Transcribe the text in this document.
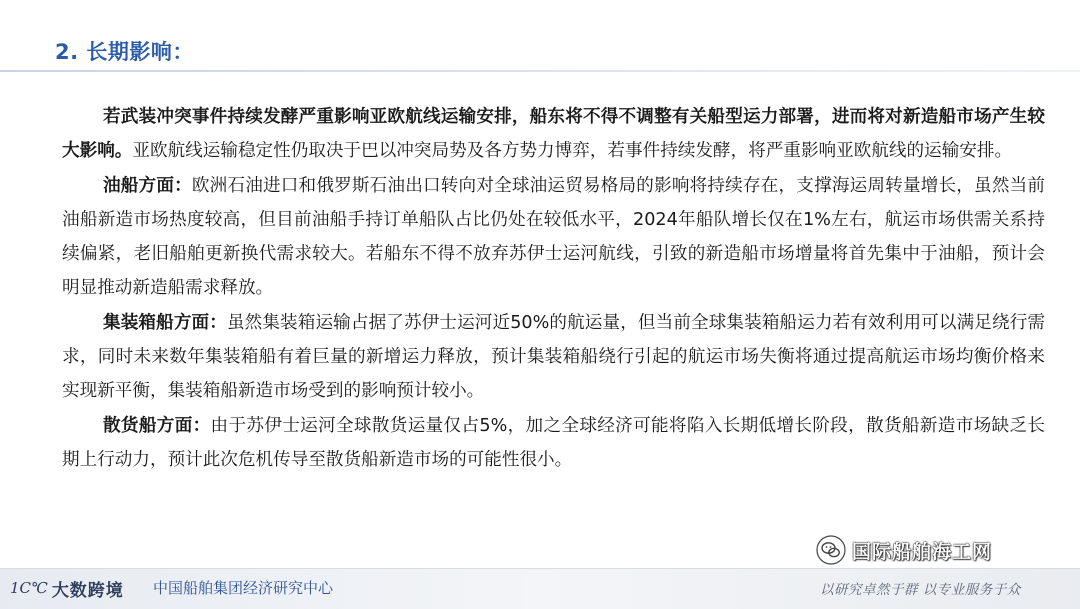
2. 长期影响：

若武装冲突事件持续发酵严重影响亚欧航线运输安排，船东将不得不调整有关船型运力部署，进而将对新造船市场产生较大影响。亚欧航线运输稳定性仍取决于巴以冲突局势及各方势力博弈，若事件持续发酵，将严重影响亚欧航线的运输安排。

油船方面：欧洲石油进口和俄罗斯石油出口转向对全球油运贸易格局的影响将持续存在，支撑海运周转量增长，虽然当前油船新造市场热度较高，但目前油船手持订单船队占比仍处在较低水平，2024年船队增长仅在1%左右，航运市场供需关系持续偏紧，老旧船舶更新换代需求较大。若船东不得不放弃苏伊士运河航线，引致的新造船市场增量将首先集中于油船，预计会明显推动新造船需求释放。

集装箱船方面：虽然集装箱运输占据了苏伊士运河近50%的航运量，但当前全球集装箱船运力若有效利用可以满足绕行需求，同时未来数年集装箱船有着巨量的新增运力释放，预计集装箱船绕行引起的航运市场失衡将通过提高航运市场均衡价格来实现新平衡，集装箱船新造市场受到的影响预计较小。

散货船方面：由于苏伊士运河全球散货运量仅占5%，加之全球经济可能将陷入长期低增长阶段，散货船新造市场缺乏长期上行动力，预计此次危机传导至散货船新造市场的可能性很小。

国际船舶海工网
1C℃ 大数跨境 中国船舶集团经济研究中心	以研究卓然于群 以专业服务于众
